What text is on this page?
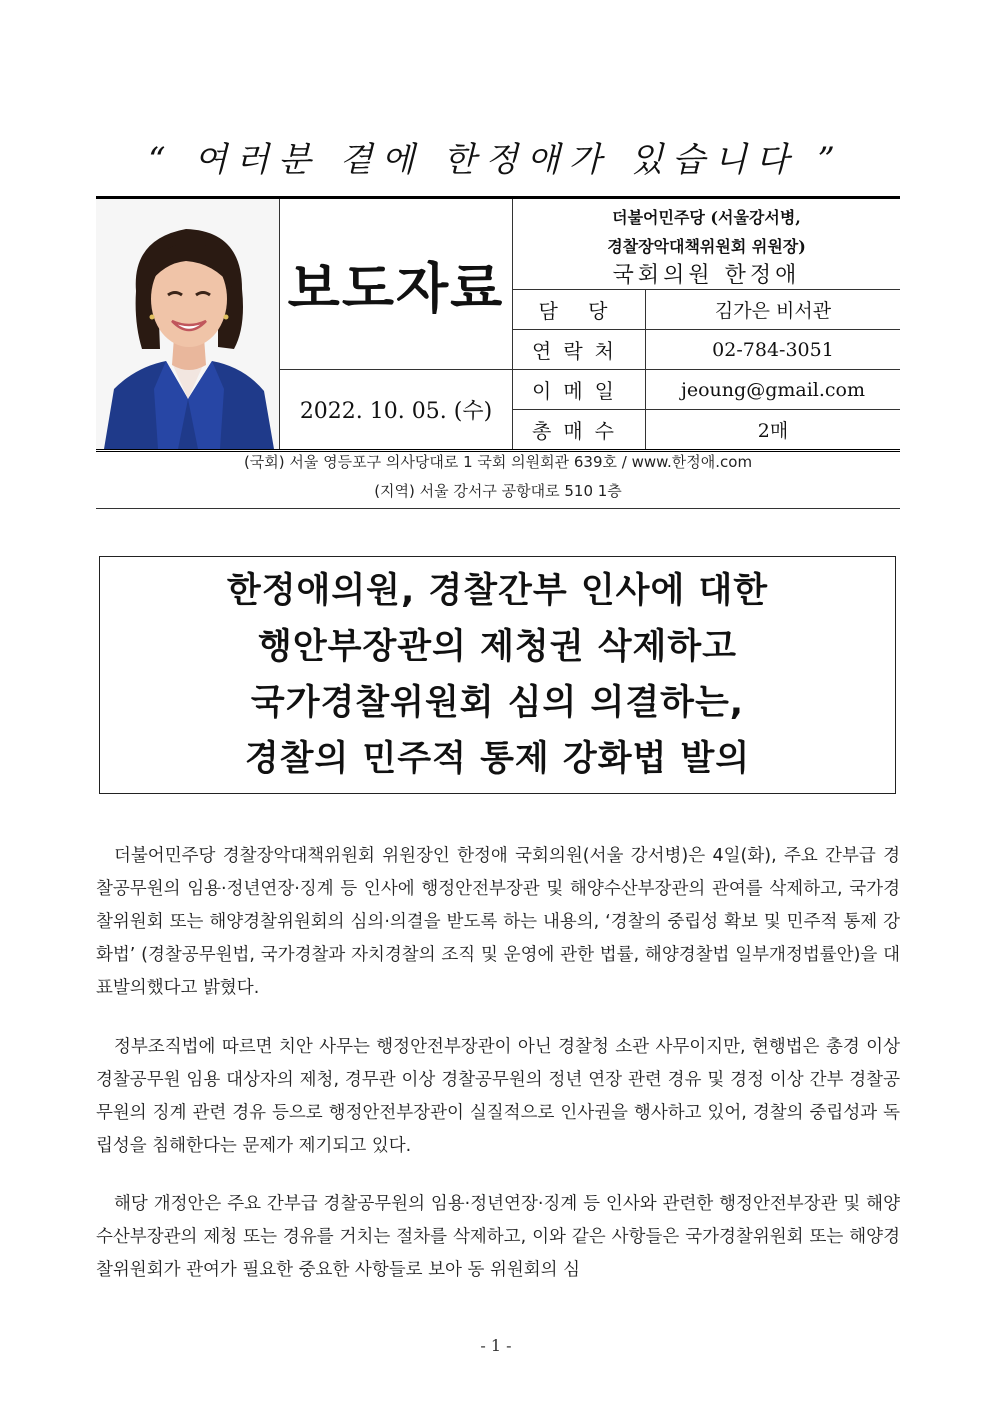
“ 여러분 곁에 한정애가 있습니다 ”
보도자료
2022. 10. 05. (수)
더불어민주당 (서울강서병,
경찰장악대책위원회 위원장)
국회의원 한정애
담 당	김가은 비서관
연락처	02-784-3051
이메일	jeoung@gmail.com
총매수	2매
(국회) 서울 영등포구 의사당대로 1 국회 의원회관 639호 / www.한정애.com
(지역) 서울 강서구 공항대로 510 1층
한정애의원, 경찰간부 인사에 대한
행안부장관의 제청권 삭제하고
국가경찰위원회 심의 의결하는,
경찰의 민주적 통제 강화법 발의

더불어민주당 경찰장악대책위원회 위원장인 한정애 국회의원(서울 강서병)은 4일(화), 주요 간부급 경찰공무원의 임용·정년연장·징계 등 인사에 행정안전부장관 및 해양수산부장관의 관여를 삭제하고, 국가경찰위원회 또는 해양경찰위원회의 심의·의결을 받도록 하는 내용의, ‘경찰의 중립성 확보 및 민주적 통제 강화법’ (경찰공무원법, 국가경찰과 자치경찰의 조직 및 운영에 관한 법률, 해양경찰법 일부개정법률안)을 대표발의했다고 밝혔다.

정부조직법에 따르면 치안 사무는 행정안전부장관이 아닌 경찰청 소관 사무이지만, 현행법은 총경 이상 경찰공무원 임용 대상자의 제청, 경무관 이상 경찰공무원의 정년 연장 관련 경유 및 경정 이상 간부 경찰공무원의 징계 관련 경유 등으로 행정안전부장관이 실질적으로 인사권을 행사하고 있어, 경찰의 중립성과 독립성을 침해한다는 문제가 제기되고 있다.

해당 개정안은 주요 간부급 경찰공무원의 임용·정년연장·징계 등 인사와 관련한 행정안전부장관 및 해양수산부장관의 제청 또는 경유를 거치는 절차를 삭제하고, 이와 같은 사항들은 국가경찰위원회 또는 해양경찰위원회가 관여가 필요한 중요한 사항들로 보아 동 위원회의 심

- 1 -
